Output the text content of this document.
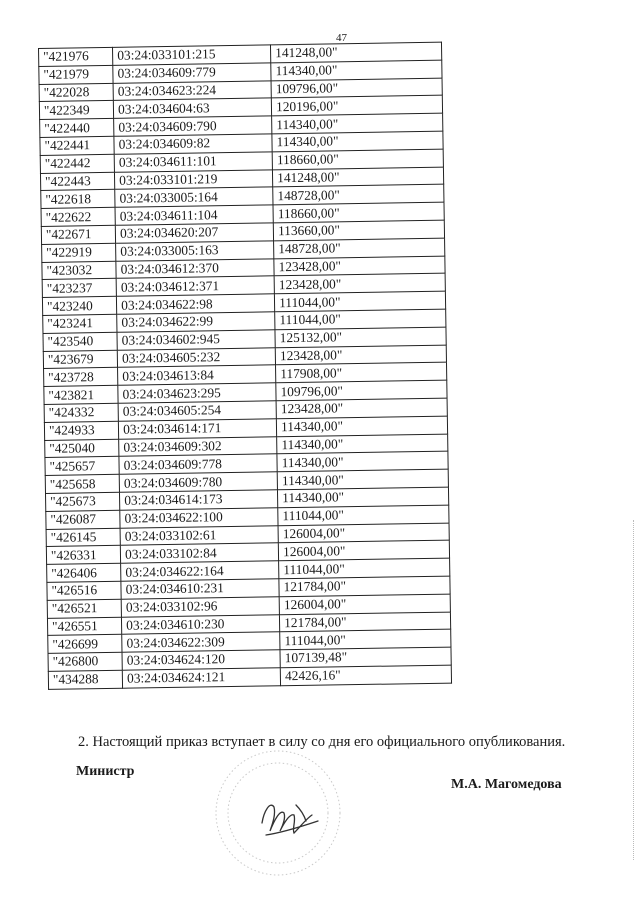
47
"421976	03:24:033101:215	141248,00"
"421979	03:24:034609:779	114340,00"
"422028	03:24:034623:224	109796,00"
"422349	03:24:034604:63	120196,00"
"422440	03:24:034609:790	114340,00"
"422441	03:24:034609:82	114340,00"
"422442	03:24:034611:101	118660,00"
"422443	03:24:033101:219	141248,00"
"422618	03:24:033005:164	148728,00"
"422622	03:24:034611:104	118660,00"
"422671	03:24:034620:207	113660,00"
"422919	03:24:033005:163	148728,00"
"423032	03:24:034612:370	123428,00"
"423237	03:24:034612:371	123428,00"
"423240	03:24:034622:98	111044,00"
"423241	03:24:034622:99	111044,00"
"423540	03:24:034602:945	125132,00"
"423679	03:24:034605:232	123428,00"
"423728	03:24:034613:84	117908,00"
"423821	03:24:034623:295	109796,00"
"424332	03:24:034605:254	123428,00"
"424933	03:24:034614:171	114340,00"
"425040	03:24:034609:302	114340,00"
"425657	03:24:034609:778	114340,00"
"425658	03:24:034609:780	114340,00"
"425673	03:24:034614:173	114340,00"
"426087	03:24:034622:100	111044,00"
"426145	03:24:033102:61	126004,00"
"426331	03:24:033102:84	126004,00"
"426406	03:24:034622:164	111044,00"
"426516	03:24:034610:231	121784,00"
"426521	03:24:033102:96	126004,00"
"426551	03:24:034610:230	121784,00"
"426699	03:24:034622:309	111044,00"
"426800	03:24:034624:120	107139,48"
"434288	03:24:034624:121	42426,16"
2. Настоящий приказ вступает в силу со дня его официального опубликования.
Министр
М.А. Магомедова
